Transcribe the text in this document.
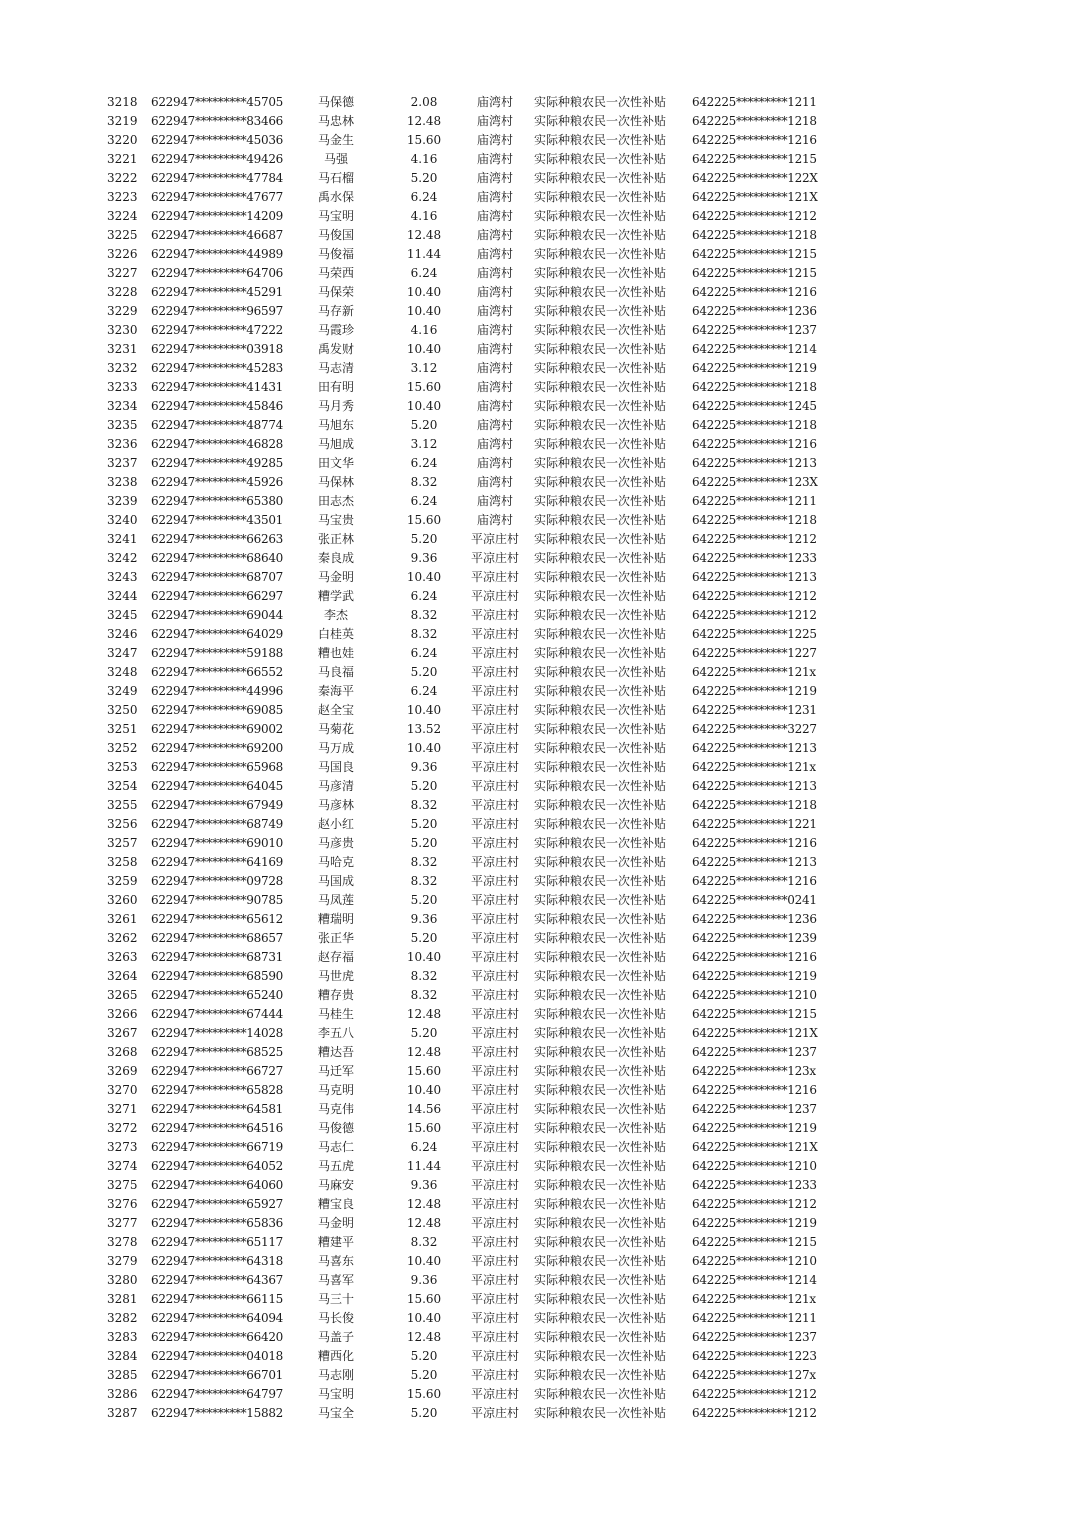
3218	622947*********45705	马保德	2.08	庙湾村	实际种粮农民一次性补贴	642225*********1211
3219	622947*********83466	马忠林	12.48	庙湾村	实际种粮农民一次性补贴	642225*********1218
3220	622947*********45036	马金生	15.60	庙湾村	实际种粮农民一次性补贴	642225*********1216
3221	622947*********49426	马强	4.16	庙湾村	实际种粮农民一次性补贴	642225*********1215
3222	622947*********47784	马石榴	5.20	庙湾村	实际种粮农民一次性补贴	642225*********122X
3223	622947*********47677	禹水保	6.24	庙湾村	实际种粮农民一次性补贴	642225*********121X
3224	622947*********14209	马宝明	4.16	庙湾村	实际种粮农民一次性补贴	642225*********1212
3225	622947*********46687	马俊国	12.48	庙湾村	实际种粮农民一次性补贴	642225*********1218
3226	622947*********44989	马俊福	11.44	庙湾村	实际种粮农民一次性补贴	642225*********1215
3227	622947*********64706	马荣西	6.24	庙湾村	实际种粮农民一次性补贴	642225*********1215
3228	622947*********45291	马保荣	10.40	庙湾村	实际种粮农民一次性补贴	642225*********1216
3229	622947*********96597	马存新	10.40	庙湾村	实际种粮农民一次性补贴	642225*********1236
3230	622947*********47222	马霞珍	4.16	庙湾村	实际种粮农民一次性补贴	642225*********1237
3231	622947*********03918	禹发财	10.40	庙湾村	实际种粮农民一次性补贴	642225*********1214
3232	622947*********45283	马志清	3.12	庙湾村	实际种粮农民一次性补贴	642225*********1219
3233	622947*********41431	田有明	15.60	庙湾村	实际种粮农民一次性补贴	642225*********1218
3234	622947*********45846	马月秀	10.40	庙湾村	实际种粮农民一次性补贴	642225*********1245
3235	622947*********48774	马旭东	5.20	庙湾村	实际种粮农民一次性补贴	642225*********1218
3236	622947*********46828	马旭成	3.12	庙湾村	实际种粮农民一次性补贴	642225*********1216
3237	622947*********49285	田文华	6.24	庙湾村	实际种粮农民一次性补贴	642225*********1213
3238	622947*********45926	马保林	8.32	庙湾村	实际种粮农民一次性补贴	642225*********123X
3239	622947*********65380	田志杰	6.24	庙湾村	实际种粮农民一次性补贴	642225*********1211
3240	622947*********43501	马宝贵	15.60	庙湾村	实际种粮农民一次性补贴	642225*********1218
3241	622947*********66263	张正林	5.20	平凉庄村	实际种粮农民一次性补贴	642225*********1212
3242	622947*********68640	秦良成	9.36	平凉庄村	实际种粮农民一次性补贴	642225*********1233
3243	622947*********68707	马金明	10.40	平凉庄村	实际种粮农民一次性补贴	642225*********1213
3244	622947*********66297	糟学武	6.24	平凉庄村	实际种粮农民一次性补贴	642225*********1212
3245	622947*********69044	李杰	8.32	平凉庄村	实际种粮农民一次性补贴	642225*********1212
3246	622947*********64029	白桂英	8.32	平凉庄村	实际种粮农民一次性补贴	642225*********1225
3247	622947*********59188	糟也娃	6.24	平凉庄村	实际种粮农民一次性补贴	642225*********1227
3248	622947*********66552	马良福	5.20	平凉庄村	实际种粮农民一次性补贴	642225*********121x
3249	622947*********44996	秦海平	6.24	平凉庄村	实际种粮农民一次性补贴	642225*********1219
3250	622947*********69085	赵全宝	10.40	平凉庄村	实际种粮农民一次性补贴	642225*********1231
3251	622947*********69002	马菊花	13.52	平凉庄村	实际种粮农民一次性补贴	642225*********3227
3252	622947*********69200	马万成	10.40	平凉庄村	实际种粮农民一次性补贴	642225*********1213
3253	622947*********65968	马国良	9.36	平凉庄村	实际种粮农民一次性补贴	642225*********121x
3254	622947*********64045	马彦清	5.20	平凉庄村	实际种粮农民一次性补贴	642225*********1213
3255	622947*********67949	马彦林	8.32	平凉庄村	实际种粮农民一次性补贴	642225*********1218
3256	622947*********68749	赵小红	5.20	平凉庄村	实际种粮农民一次性补贴	642225*********1221
3257	622947*********69010	马彦贵	5.20	平凉庄村	实际种粮农民一次性补贴	642225*********1216
3258	622947*********64169	马哈克	8.32	平凉庄村	实际种粮农民一次性补贴	642225*********1213
3259	622947*********09728	马国成	8.32	平凉庄村	实际种粮农民一次性补贴	642225*********1216
3260	622947*********90785	马凤莲	5.20	平凉庄村	实际种粮农民一次性补贴	642225*********0241
3261	622947*********65612	糟瑞明	9.36	平凉庄村	实际种粮农民一次性补贴	642225*********1236
3262	622947*********68657	张正华	5.20	平凉庄村	实际种粮农民一次性补贴	642225*********1239
3263	622947*********68731	赵存福	10.40	平凉庄村	实际种粮农民一次性补贴	642225*********1216
3264	622947*********68590	马世虎	8.32	平凉庄村	实际种粮农民一次性补贴	642225*********1219
3265	622947*********65240	糟存贵	8.32	平凉庄村	实际种粮农民一次性补贴	642225*********1210
3266	622947*********67444	马桂生	12.48	平凉庄村	实际种粮农民一次性补贴	642225*********1215
3267	622947*********14028	李五八	5.20	平凉庄村	实际种粮农民一次性补贴	642225*********121X
3268	622947*********68525	糟达吾	12.48	平凉庄村	实际种粮农民一次性补贴	642225*********1237
3269	622947*********66727	马迁军	15.60	平凉庄村	实际种粮农民一次性补贴	642225*********123x
3270	622947*********65828	马克明	10.40	平凉庄村	实际种粮农民一次性补贴	642225*********1216
3271	622947*********64581	马克伟	14.56	平凉庄村	实际种粮农民一次性补贴	642225*********1237
3272	622947*********64516	马俊德	15.60	平凉庄村	实际种粮农民一次性补贴	642225*********1219
3273	622947*********66719	马志仁	6.24	平凉庄村	实际种粮农民一次性补贴	642225*********121X
3274	622947*********64052	马五虎	11.44	平凉庄村	实际种粮农民一次性补贴	642225*********1210
3275	622947*********64060	马麻安	9.36	平凉庄村	实际种粮农民一次性补贴	642225*********1233
3276	622947*********65927	糟宝良	12.48	平凉庄村	实际种粮农民一次性补贴	642225*********1212
3277	622947*********65836	马金明	12.48	平凉庄村	实际种粮农民一次性补贴	642225*********1219
3278	622947*********65117	糟建平	8.32	平凉庄村	实际种粮农民一次性补贴	642225*********1215
3279	622947*********64318	马喜东	10.40	平凉庄村	实际种粮农民一次性补贴	642225*********1210
3280	622947*********64367	马喜军	9.36	平凉庄村	实际种粮农民一次性补贴	642225*********1214
3281	622947*********66115	马三十	15.60	平凉庄村	实际种粮农民一次性补贴	642225*********121x
3282	622947*********64094	马长俊	10.40	平凉庄村	实际种粮农民一次性补贴	642225*********1211
3283	622947*********66420	马盖子	12.48	平凉庄村	实际种粮农民一次性补贴	642225*********1237
3284	622947*********04018	糟西化	5.20	平凉庄村	实际种粮农民一次性补贴	642225*********1223
3285	622947*********66701	马志刚	5.20	平凉庄村	实际种粮农民一次性补贴	642225*********127x
3286	622947*********64797	马宝明	15.60	平凉庄村	实际种粮农民一次性补贴	642225*********1212
3287	622947*********15882	马宝全	5.20	平凉庄村	实际种粮农民一次性补贴	642225*********1212
